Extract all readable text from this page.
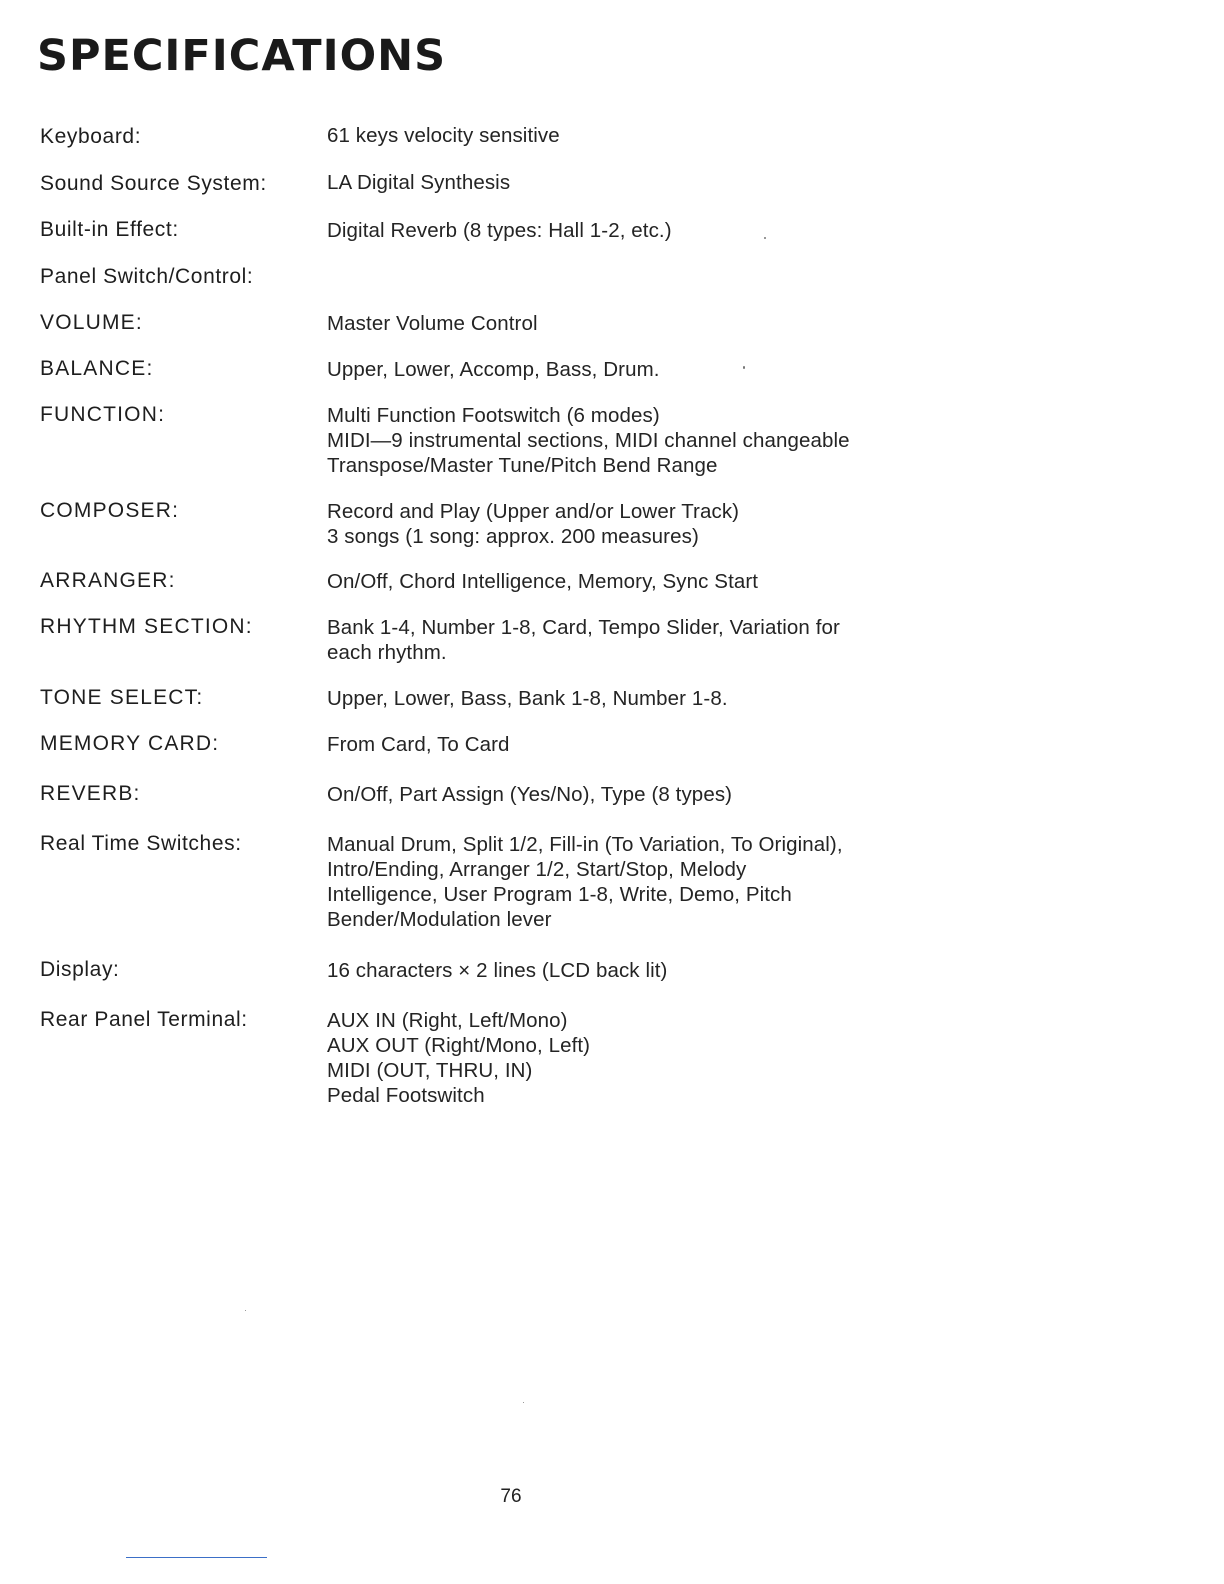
SPECIFICATIONS
Keyboard:	61 keys velocity sensitive
Sound Source System:	LA Digital Synthesis
Built-in Effect:	Digital Reverb (8 types: Hall 1-2, etc.)
Panel Switch/Control:
VOLUME:	Master Volume Control
BALANCE:	Upper, Lower, Accomp, Bass, Drum.
FUNCTION:	Multi Function Footswitch (6 modes)
MIDI—9 instrumental sections, MIDI channel changeable
Transpose/Master Tune/Pitch Bend Range
COMPOSER:	Record and Play (Upper and/or Lower Track)
3 songs (1 song: approx. 200 measures)
ARRANGER:	On/Off, Chord Intelligence, Memory, Sync Start
RHYTHM SECTION:	Bank 1-4, Number 1-8, Card, Tempo Slider, Variation for
each rhythm.
TONE SELECT:	Upper, Lower, Bass, Bank 1-8, Number 1-8.
MEMORY CARD:	From Card, To Card
REVERB:	On/Off, Part Assign (Yes/No), Type (8 types)
Real Time Switches:	Manual Drum, Split 1/2, Fill-in (To Variation, To Original),
Intro/Ending, Arranger 1/2, Start/Stop, Melody
Intelligence, User Program 1-8, Write, Demo, Pitch
Bender/Modulation lever
Display:	16 characters × 2 lines (LCD back lit)
Rear Panel Terminal:	AUX IN (Right, Left/Mono)
AUX OUT (Right/Mono, Left)
MIDI (OUT, THRU, IN)
Pedal Footswitch
76
